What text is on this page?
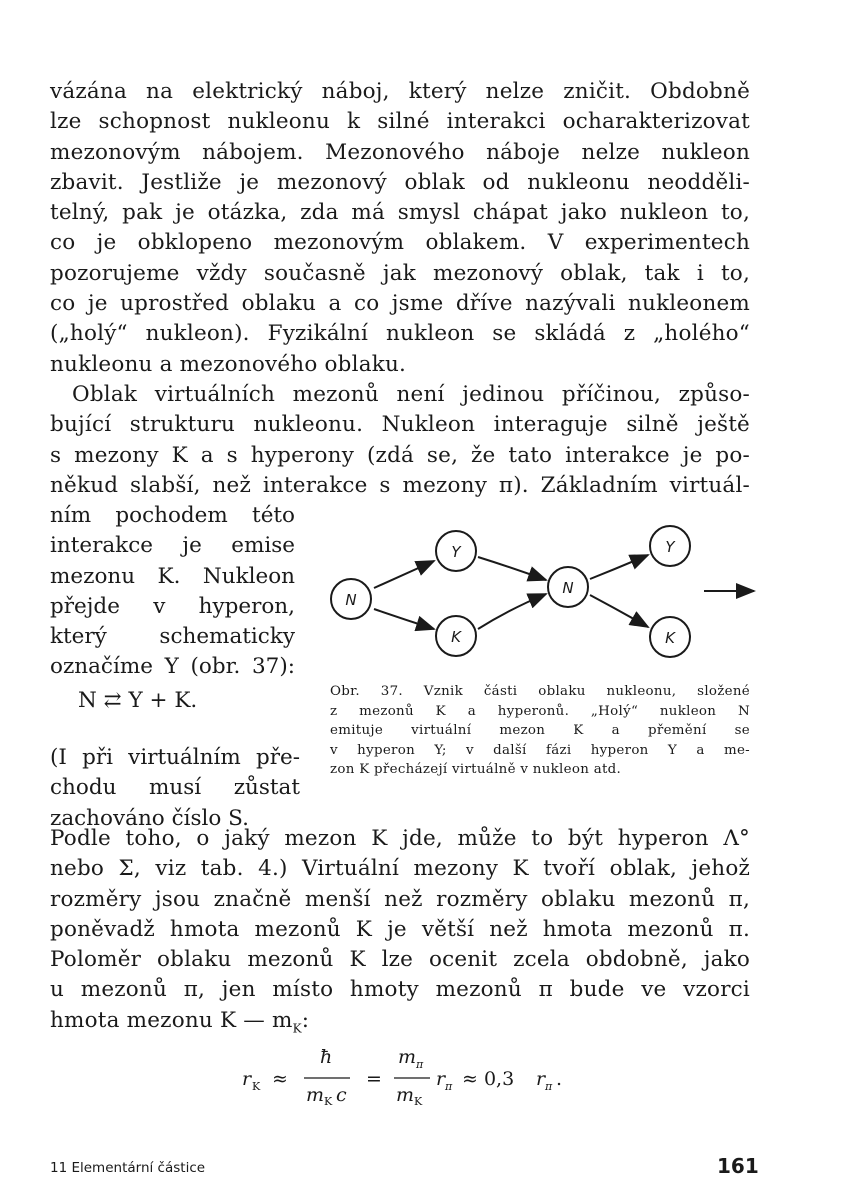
vázána na elektrický náboj, který nelze zničit. Obdobně
lze schopnost nukleonu k silné interakci ocharakterizovat
mezonovým nábojem. Mezonového náboje nelze nukleon
zbavit. Jestliže je mezonový oblak od nukleonu neodděli-
telný, pak je otázka, zda má smysl chápat jako nukleon to,
co je obklopeno mezonovým oblakem. V experimentech
pozorujeme vždy současně jak mezonový oblak, tak i to,
co je uprostřed oblaku a co jsme dříve nazývali nukleonem
(„holý“ nukleon). Fyzikální nukleon se skládá z „holého“
nukleonu a mezonového oblaku.
Oblak virtuálních mezonů není jedinou příčinou, způso-
bující strukturu nukleonu. Nukleon interaguje silně ještě
s mezony K a s hyperony (zdá se, že tato interakce je po-
někud slabší, než interakce s mezony π). Základním virtuál-
ním pochodem této
interakce je emise
mezonu K. Nukleon
přejde v hyperon,
který schematicky
označíme Y (obr. 37):
N ⇄ Y + K.
(I při virtuálním pře-
chodu musí zůstat
zachováno číslo S.
N
Y
K
N
Y
K
Obr. 37. Vznik části oblaku nukleonu, složené
z mezonů K a hyperonů. „Holý“ nukleon N
emituje virtuální mezon K a přemění se
v hyperon Y; v další fázi hyperon Y a me-
zon K přecházejí virtuálně v nukleon atd.
Podle toho, o jaký mezon K jde, může to být hyperon Λ°
nebo Σ, viz tab. 4.) Virtuální mezony K tvoří oblak, jehož
rozměry jsou značně menší než rozměry oblaku mezonů π,
poněvadž hmota mezonů K je větší než hmota mezonů π.
Poloměr oblaku mezonů K lze ocenit zcela obdobně, jako
u mezonů π, jen místo hmoty mezonů π bude ve vzorci
hmota mezonu K — $m_K$:
r K ≈
ħ
m K c
=
m π
m K
r π ≈ 0,3 r π .
11 Elementární částice	161
